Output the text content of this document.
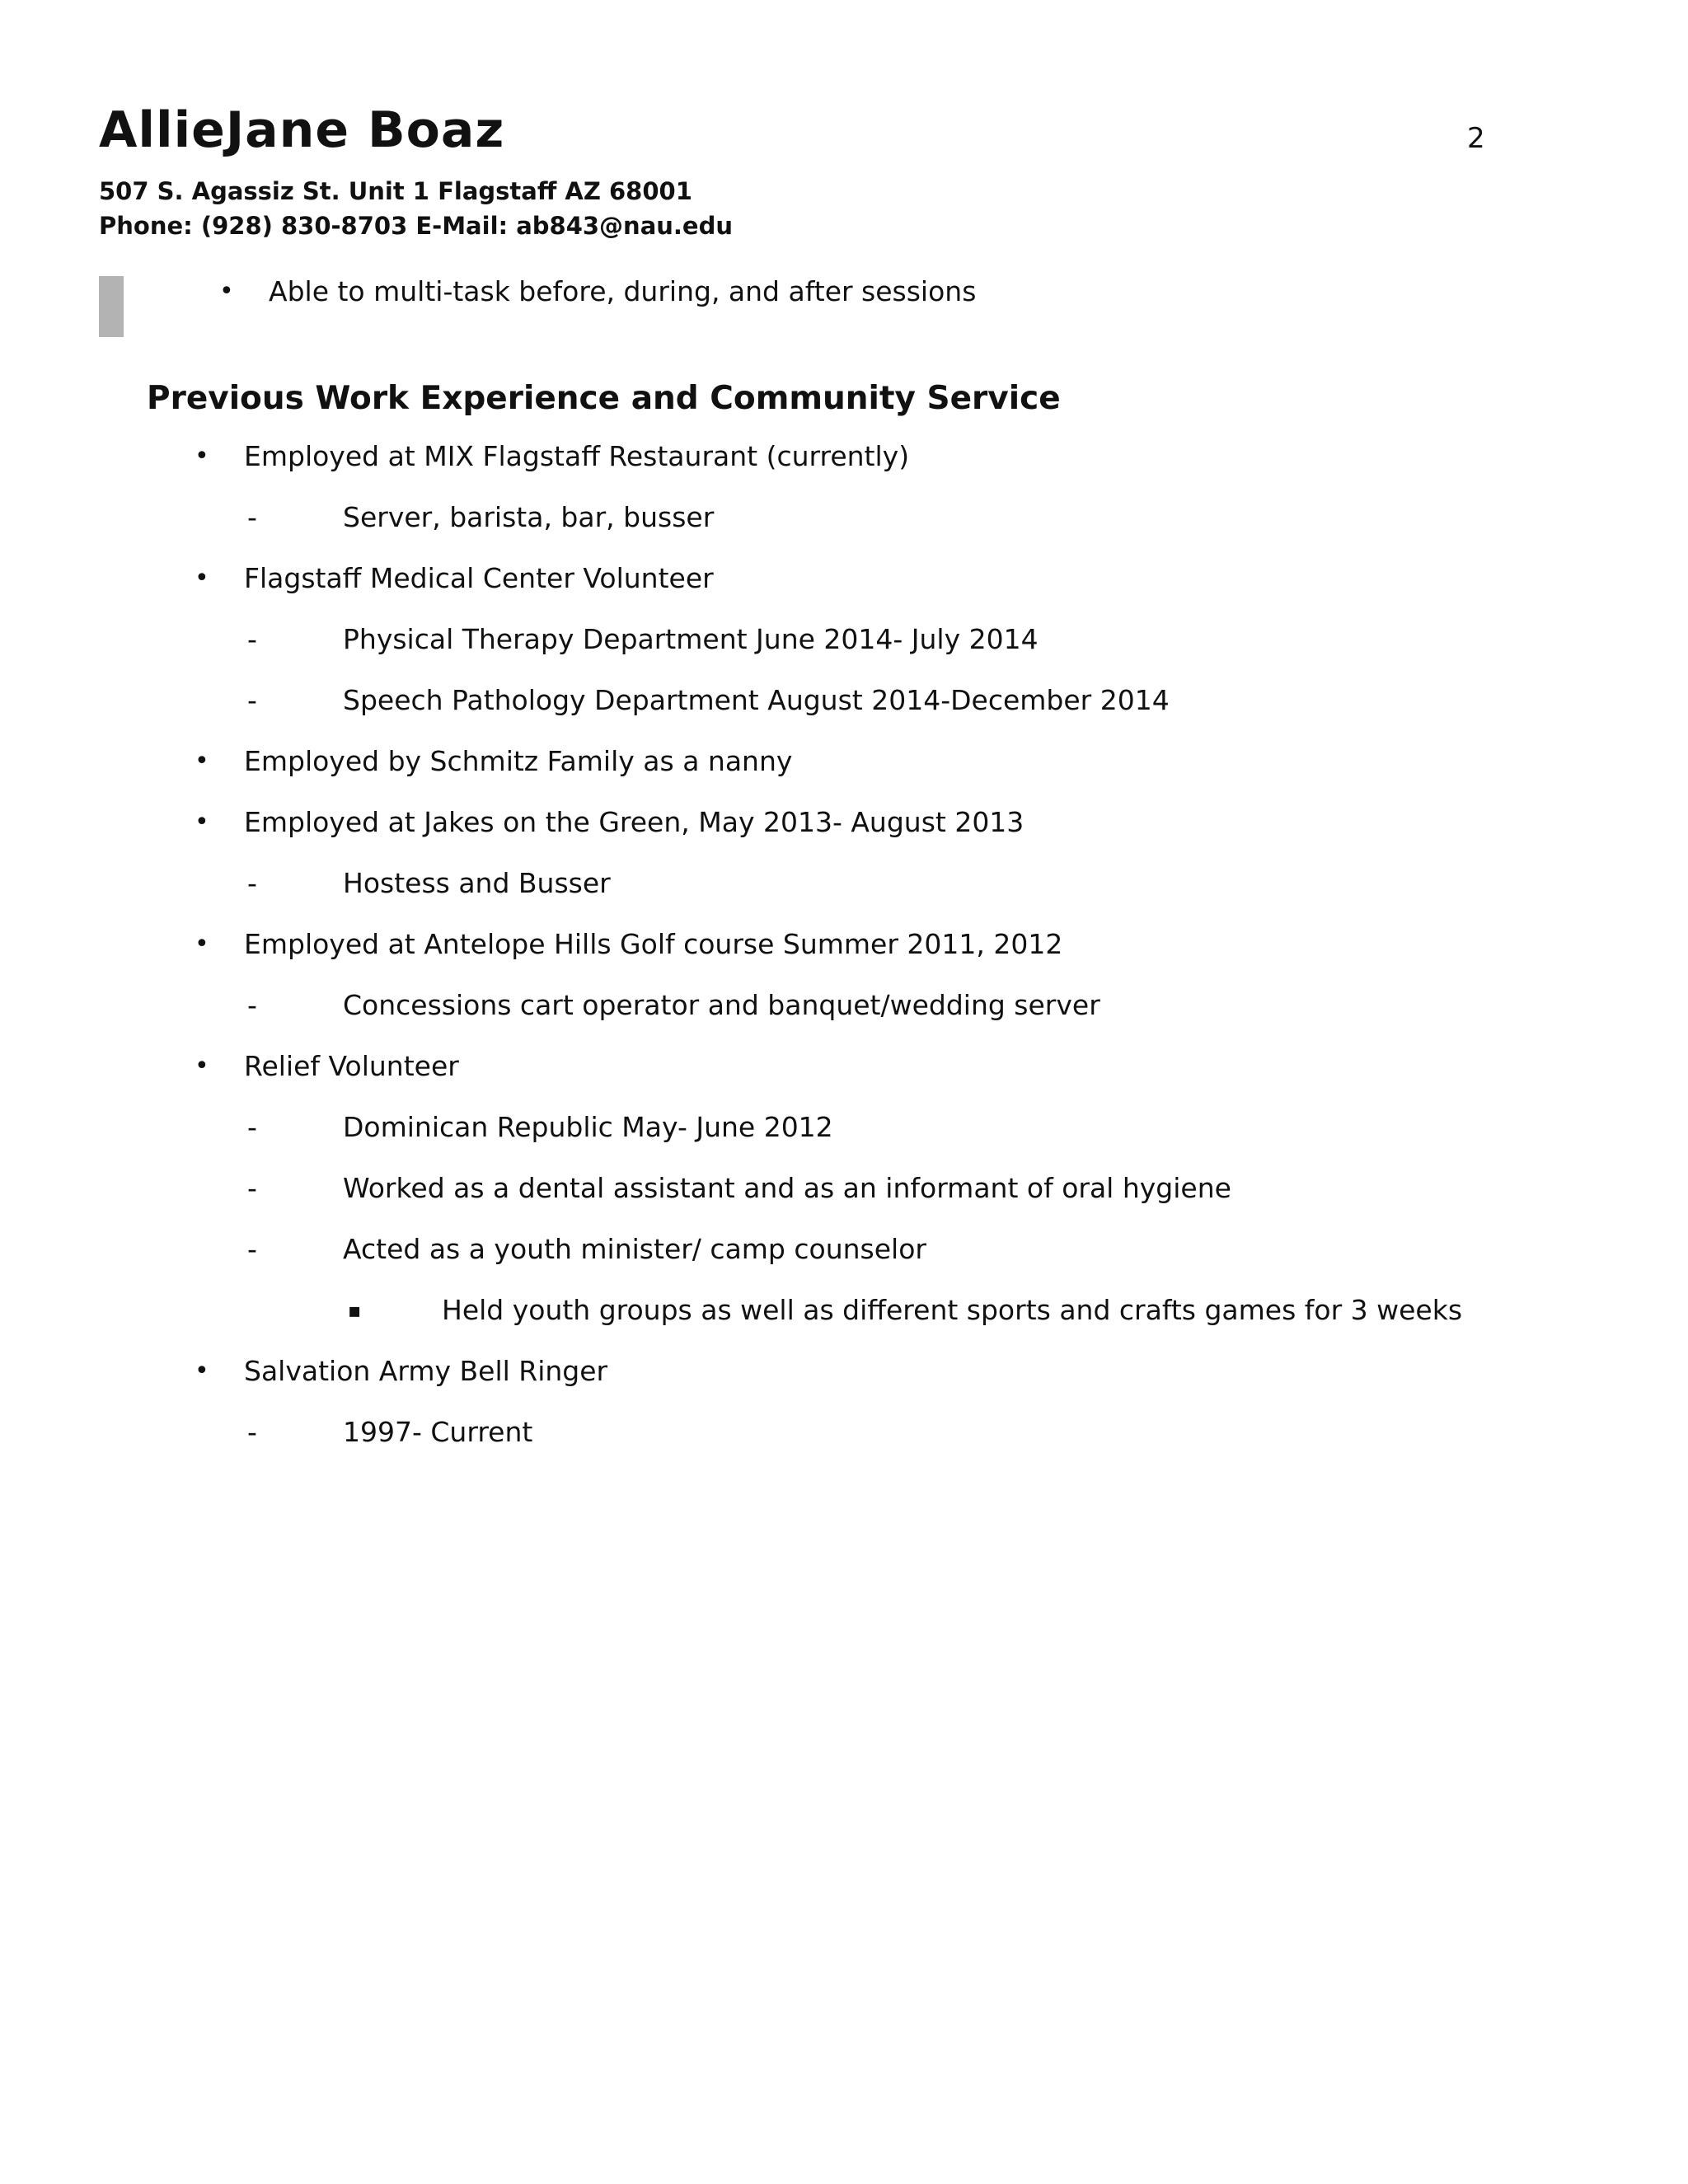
AllieJane Boaz	2
507 S. Agassiz St. Unit 1 Flagstaff AZ 68001
Phone: (928) 830-8703 E-Mail: ab843@nau.edu
• Able to multi-task before, during, and after sessions
Previous Work Experience and Community Service
• Employed at MIX Flagstaff Restaurant (currently)
-	Server, barista, bar, busser
• Flagstaff Medical Center Volunteer
-	Physical Therapy Department June 2014- July 2014
-	Speech Pathology Department August 2014-December 2014
• Employed by Schmitz Family as a nanny
• Employed at Jakes on the Green, May 2013- August 2013
-	Hostess and Busser
• Employed at Antelope Hills Golf course Summer 2011, 2012
-	Concessions cart operator and banquet/wedding server
• Relief Volunteer
-	Dominican Republic May- June 2012
-	Worked as a dental assistant and as an informant of oral hygiene
-	Acted as a youth minister/ camp counselor
▪	Held youth groups as well as different sports and crafts games for 3 weeks
• Salvation Army Bell Ringer
-	1997- Current
